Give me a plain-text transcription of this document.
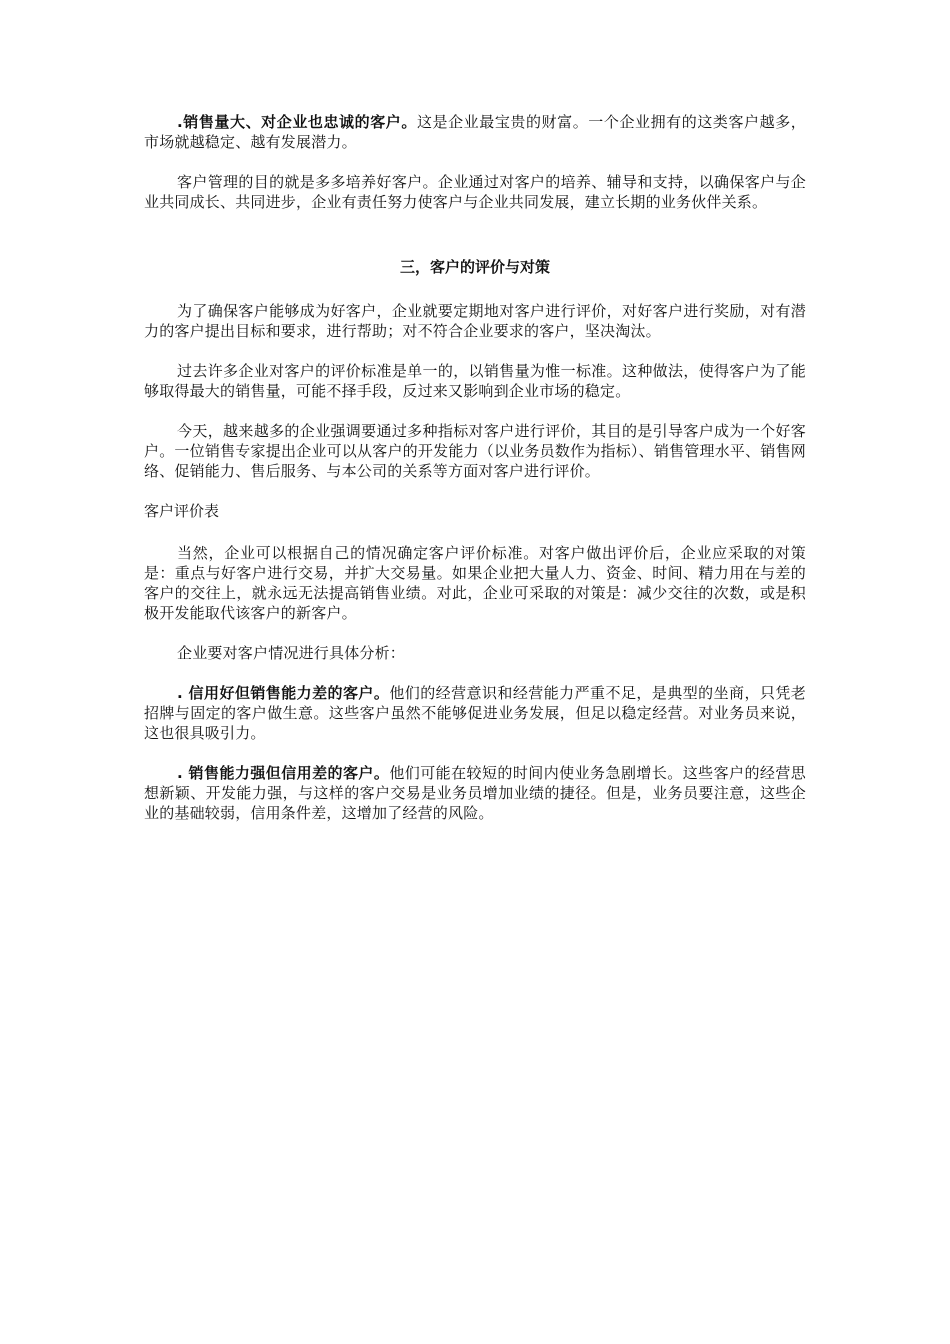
.销售量大、对企业也忠诚的客户。这是企业最宝贵的财富。一个企业拥有的这类客户越多，市场就越稳定、越有发展潜力。

客户管理的目的就是多多培养好客户。企业通过对客户的培养、辅导和支持，以确保客户与企业共同成长、共同进步，企业有责任努力使客户与企业共同发展，建立长期的业务伙伴关系。

三，客户的评价与对策

为了确保客户能够成为好客户，企业就要定期地对客户进行评价，对好客户进行奖励，对有潜力的客户提出目标和要求，进行帮助；对不符合企业要求的客户，坚决淘汰。

过去许多企业对客户的评价标准是单一的，以销售量为惟一标准。这种做法，使得客户为了能够取得最大的销售量，可能不择手段，反过来又影响到企业市场的稳定。

今天，越来越多的企业强调要通过多种指标对客户进行评价，其目的是引导客户成为一个好客户。一位销售专家提出企业可以从客户的开发能力（以业务员数作为指标）、销售管理水平、销售网络、促销能力、售后服务、与本公司的关系等方面对客户进行评价。

客户评价表

当然，企业可以根据自己的情况确定客户评价标准。对客户做出评价后，企业应采取的对策是：重点与好客户进行交易，并扩大交易量。如果企业把大量人力、资金、时间、精力用在与差的客户的交往上，就永远无法提高销售业绩。对此，企业可采取的对策是：减少交往的次数，或是积极开发能取代该客户的新客户。

企业要对客户情况进行具体分析：

. 信用好但销售能力差的客户。他们的经营意识和经营能力严重不足，是典型的坐商，只凭老招牌与固定的客户做生意。这些客户虽然不能够促进业务发展，但足以稳定经营。对业务员来说，这也很具吸引力。

. 销售能力强但信用差的客户。他们可能在较短的时间内使业务急剧增长。这些客户的经营思想新颖、开发能力强，与这样的客户交易是业务员增加业绩的捷径。但是，业务员要注意，这些企业的基础较弱，信用条件差，这增加了经营的风险。
